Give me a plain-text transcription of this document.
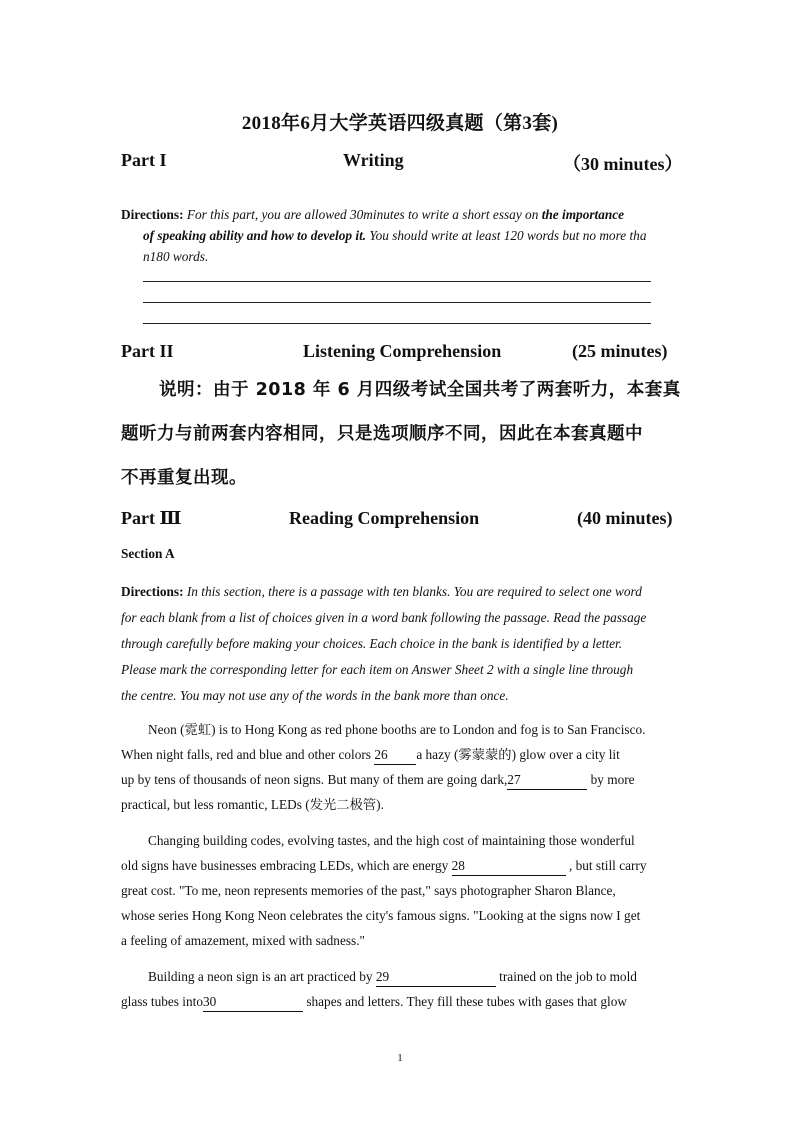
2018年6月大学英语四级真题（第3套)
Part I	Writing	（30 minutes）
Directions: For this part, you are allowed 30minutes to write a short essay on the importance
of speaking ability and how to develop it. You should write at least 120 words but no more tha
n180 words.
Part II	Listening Comprehension	(25 minutes)
说明：由于 2018 年 6 月四级考试全国共考了两套听力，本套真
题听力与前两套内容相同，只是选项顺序不同，因此在本套真题中
不再重复出现。
Part Ⅲ	Reading Comprehension	(40 minutes)
Section A
Directions: In this section, there is a passage with ten blanks. You are required to select one word
for each blank from a list of choices given in a word bank following the passage. Read the passage
through carefully before making your choices. Each choice in the bank is identified by a letter.
Please mark the corresponding letter for each item on Answer Sheet 2 with a single line through
the centre. You may not use any of the words in the bank more than once.
Neon (霓虹) is to Hong Kong as red phone booths are to London and fog is to San Francisco.
When night falls, red and blue and other colors 26 a hazy (雾蒙蒙的) glow over a city lit
up by tens of thousands of neon signs. But many of them are going dark,27	by more
practical, but less romantic, LEDs (发光二极管).
Changing building codes, evolving tastes, and the high cost of maintaining those wonderful
old signs have businesses embracing LEDs, which are energy 28	, but still carry
great cost. "To me, neon represents memories of the past," says photographer Sharon Blance,
whose series Hong Kong Neon celebrates the city's famous signs. "Looking at the signs now I get
a feeling of amazement, mixed with sadness."
Building a neon sign is an art practiced by 29	trained on the job to mold
glass tubes into30	shapes and letters. They fill these tubes with gases that glow
1
